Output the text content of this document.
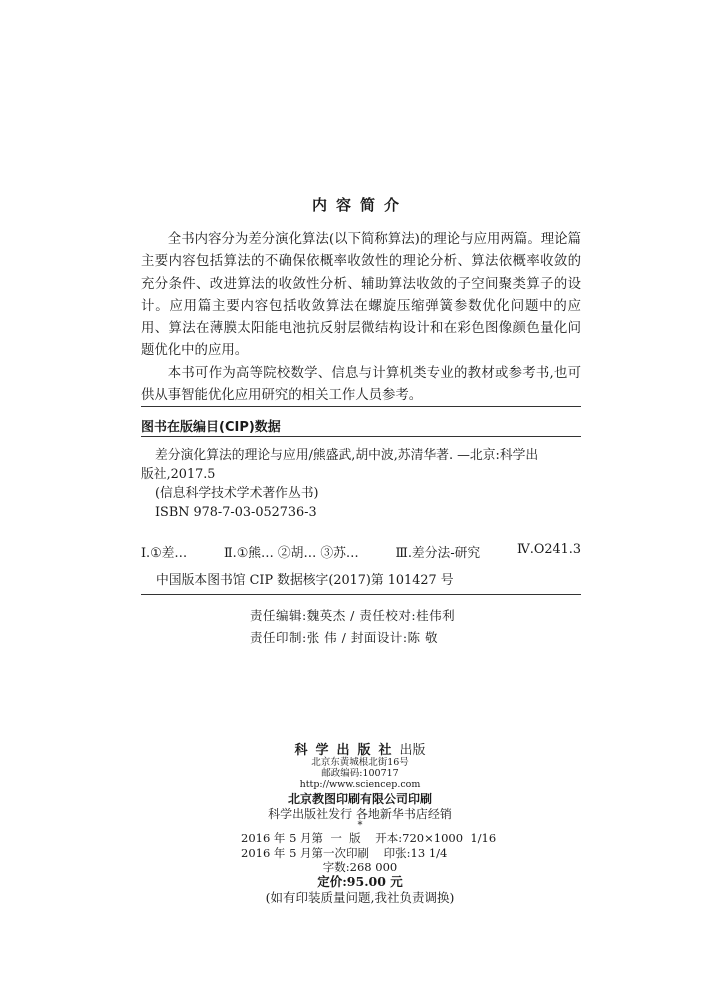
内容简介

全书内容分为差分演化算法(以下简称算法)的理论与应用两篇。理论篇主要内容包括算法的不确保依概率收敛性的理论分析、算法依概率收敛的充分条件、改进算法的收敛性分析、辅助算法收敛的子空间聚类算子的设计。应用篇主要内容包括收敛算法在螺旋压缩弹簧参数优化问题中的应用、算法在薄膜太阳能电池抗反射层微结构设计和在彩色图像颜色量化问题优化中的应用。

本书可作为高等院校数学、信息与计算机类专业的教材或参考书,也可供从事智能优化应用研究的相关工作人员参考。

图书在版编目(CIP)数据
差分演化算法的理论与应用/熊盛武,胡中波,苏清华著. —北京:科学出
版社,2017.5
(信息科学技术学术著作丛书)
ISBN 978-7-03-052736-3
Ⅰ.①差…	Ⅱ.①熊… ②胡… ③苏…	Ⅲ.差分法-研究	Ⅳ.O241.3
中国版本图书馆 CIP 数据核字(2017)第 101427 号
责任编辑:魏英杰 / 责任校对:桂伟利
责任印制:张 伟 / 封面设计:陈 敬
科学出版社出版
北京东黄城根北街16号
邮政编码:100717
http://www.sciencep.com
北京教图印刷有限公司印刷
科学出版社发行 各地新华书店经销
*
2016 年 5 月第  一  版    开本:720×1000  1/16
2016 年 5 月第一次印刷    印张:13 1/4
字数:268 000
定价:95.00 元
(如有印装质量问题,我社负责调换)
